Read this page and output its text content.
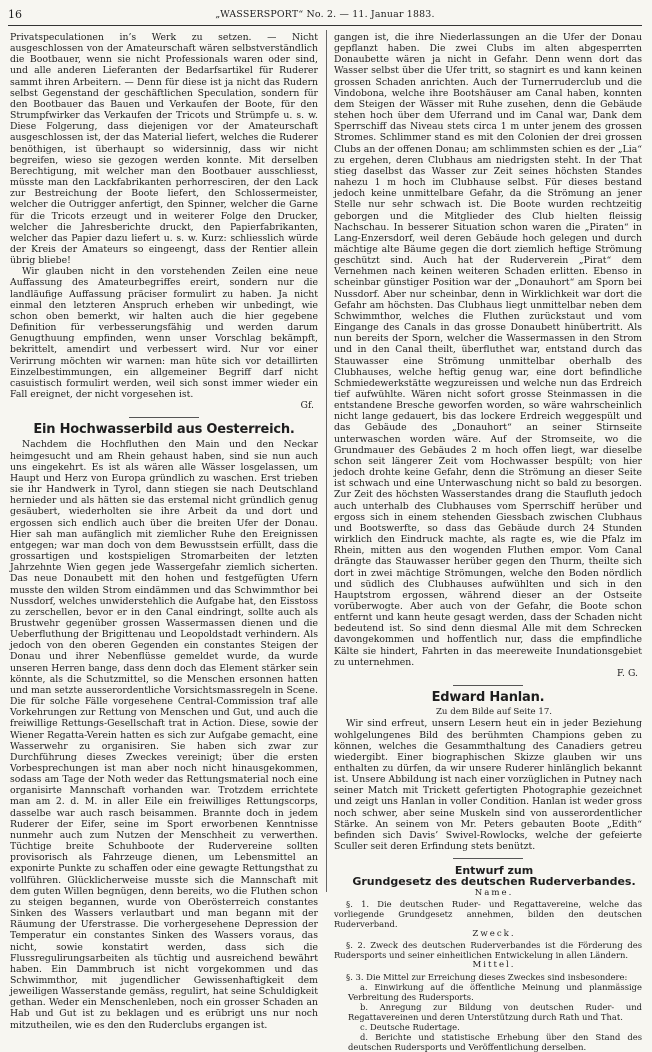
16	„WASSERSPORT“ No. 2. — 11. Januar 1883.

Privatspeculationen in’s Werk zu setzen. — Nicht ausgeschlossen von der Amateurschaft wären selbstverständlich die Bootbauer, wenn sie nicht Professionals waren oder sind, und alle anderen Lieferanten der Bedarfsartikel für Ruderer sammt ihren Arbeitern. — Denn für diese ist ja nicht das Rudern selbst Gegenstand der geschäftlichen Speculation, sondern für den Bootbauer das Bauen und Verkaufen der Boote, für den Strumpfwirker das Verkaufen der Tricots und Strümpfe u. s. w. Diese Folgerung, dass diejenigen vor der Amateurschaft ausgeschlossen ist, der das Material liefert, welches die Ruderer benöthigen, ist überhaupt so widersinnig, dass wir nicht begreifen, wieso sie gezogen werden konnte. Mit derselben Berechtigung, mit welcher man den Bootbauer ausschliesst, müsste man den Lackfabrikanten perhorresciren, der den Lack zur Bestreichung der Boote liefert, den Schlossermeister, welcher die Outrigger anfertigt, den Spinner, welcher die Garne für die Tricots erzeugt und in weiterer Folge den Drucker, welcher die Jahresberichte druckt, den Papierfabrikanten, welcher das Papier dazu liefert u. s. w. Kurz: schliesslich würde der Kreis der Amateurs so eingeengt, dass der Rentier allein übrig bliebe!

Wir glauben nicht in den vorstehenden Zeilen eine neue Auffassung des Amateurbegriffes ereirt, sondern nur die landläufige Auffassung präciser formulirt zu haben. Ja nicht einmal den letzteren Anspruch erheben wir unbedingt, wie schon oben bemerkt, wir halten auch die hier gegebene Definition für verbesserungsfähig und werden darum Genugthuung empfinden, wenn unser Vorschlag bekämpft, bekrittelt, amendirt und verbessert wird. Nur vor einer Verirrung möchten wir warnen: man hüte sich vor detaillirten Einzelbestimmungen, ein allgemeiner Begriff darf nicht casuistisch formulirt werden, weil sich sonst immer wieder ein Fall ereignet, der nicht vorgesehen ist.

Gf.

Ein Hochwasserbild aus Oesterreich.

Nachdem die Hochfluthen den Main und den Neckar heimgesucht und am Rhein gehaust haben, sind sie nun auch uns eingekehrt. Es ist als wären alle Wässer losgelassen, um Haupt und Herz von Europa gründlich zu waschen. Erst trieben sie ihr Handwerk in Tyrol, dann stiegen sie nach Deutschland hernieder und als hätten sie das erstemal nicht gründlich genug gesäubert, wiederholten sie ihre Arbeit da und dort und ergossen sich endlich auch über die breiten Ufer der Donau. Hier sah man aufänglich mit ziemlicher Ruhe den Ereignissen entgegen; war man doch von dem Bewusstsein erfüllt, dass die grossartigen und kostspieligen Stromarbeiten der letzten Jahrzehnte Wien gegen jede Wassergefahr ziemlich sicherten. Das neue Donaubett mit den hohen und festgefügten Ufern musste den wilden Strom eindämmen und das Schwimmthor bei Nussdorf, welches unwiderstehlich die Aufgabe hat, den Eisstoss zu zerschellen, bevor er in den Canal eindringt, sollte auch als Brustwehr gegenüber grossen Wassermassen dienen und die Ueberfluthung der Brigittenau und Leopoldstadt verhindern. Als jedoch von den oberen Gegenden ein constantes Steigen der Donau und ihrer Nebenflüsse gemeldet wurde, da wurde unseren Herren bange, dass denn doch das Element stärker sein könnte, als die Schutzmittel, so die Menschen ersonnen hatten und man setzte ausserordentliche Vorsichtsmassregeln in Scene. Die für solche Fälle vorgesehene Central-Commission traf alle Vorkehrungen zur Rettung von Menschen und Gut, und auch die freiwillige Rettungs-Gesellschaft trat in Action. Diese, sowie der Wiener Regatta-Verein hatten es sich zur Aufgabe gemacht, eine Wasserwehr zu organisiren. Sie haben sich zwar zur Durchführung dieses Zweckes vereinigt; über die ersten Vorbesprechungen ist man aber noch nicht hinausgekommen, sodass am Tage der Noth weder das Rettungsmaterial noch eine organisirte Mannschaft vorhanden war. Trotzdem errichtete man am 2. d. M. in aller Eile ein freiwilliges Rettungscorps, dasselbe war auch rasch beisammen. Brannte doch in jedem Ruderer der Eifer, seine im Sport erworbenen Kenntnisse nunmehr auch zum Nutzen der Menschheit zu verwerthen. Tüchtige breite Schuhboote der Rudervereine sollten provisorisch als Fahrzeuge dienen, um Lebensmittel an exponirte Punkte zu schaffen oder eine gewagte Rettungsthat zu vollführen. Glücklicherweise musste sich die Mannschaft mit dem guten Willen begnügen, denn bereits, wo die Fluthen schon zu steigen begannen, wurde von Oberösterreich constantes Sinken des Wassers verlautbart und man begann mit der Räumung der Uferstrasse. Die vorhergesehene Depression der Temperatur ein constantes Sinken des Wassers voraus, das nicht, sowie konstatirt werden, dass sich die Flussregulirungsarbeiten als tüchtig und ausreichend bewährt haben. Ein Dammbruch ist nicht vorgekommen und das Schwimmthor, mit jugendlicher Gewissenhaftigkeit dem jeweiligen Wasserstande gemäss, regulirt, hat seine Schuldigkeit gethan. Weder ein Menschenleben, noch ein grosser Schaden an Hab und Gut ist zu beklagen und es erübrigt uns nur noch mitzutheilen, wie es den den Ruderclubs ergangen ist.

gangen ist, die ihre Niederlassungen an die Ufer der Donau gepflanzt haben. Die zwei Clubs im alten abgesperrten Donaubette wären ja nicht in Gefahr. Denn wenn dort das Wasser selbst über die Ufer tritt, so stagnirt es und kann keinen grossen Schaden anrichten. Auch der Turnerruderclub und die Vindobona, welche ihre Bootshäuser am Canal haben, konnten dem Steigen der Wässer mit Ruhe zusehen, denn die Gebäude stehen hoch über dem Uferrand und im Canal war, Dank dem Sperrschiff das Niveau stets circa 1 m unter jenem des grossen Stromes. Schlimmer stand es mit den Colonien der drei grossen Clubs an der offenen Donau; am schlimmsten schien es der „Lia“ zu ergehen, deren Clubhaus am niedrigsten steht. In der That stieg daselbst das Wasser zur Zeit seines höchsten Standes nahezu 1 m hoch im Clubhause selbst. Für dieses bestand jedoch keine unmittelbare Gefahr, da die Strömung an jener Stelle nur sehr schwach ist. Die Boote wurden rechtzeitig geborgen und die Mitglieder des Club hielten fleissig Nachschau. In besserer Situation schon waren die „Piraten“ in Lang-Enzersdorf, weil deren Gebäude hoch gelegen und durch mächtige alte Bäume gegen die dort ziemlich heftige Strömung geschützt sind. Auch hat der Ruderverein „Pirat“ dem Vernehmen nach keinen weiteren Schaden erlitten. Ebenso in scheinbar günstiger Position war der „Donauhort“ am Sporn bei Nussdorf. Aber nur scheinbar, denn in Wirklichkeit war dort die Gefahr am höchsten. Das Clubhaus liegt unmittelbar neben dem Schwimmthor, welches die Fluthen zurückstaut und vom Eingange des Canals in das grosse Donaubett hinübertritt. Als nun bereits der Sporn, welcher die Wassermassen in den Strom und in den Canal theilt, überfluthet war, entstand durch das Stauwasser eine Strömung unmittelbar oberhalb des Clubhauses, welche heftig genug war, eine dort befindliche Schmiedewerkstätte wegzureissen und welche nun das Erdreich tief aufwühlte. Wären nicht sofort grosse Steinmassen in die entstandene Bresche geworfen worden, so wäre wahrscheinlich nicht lange gedauert, bis das lockere Erdreich weggespült und das Gebäude des „Donauhort“ an seiner Stirnseite unterwaschen worden wäre. Auf der Stromseite, wo die Grundmauer des Gebäudes 2 m hoch offen liegt, war dieselbe schon seit längerer Zeit vom Hochwasser bespült; von hier jedoch drohte keine Gefahr, denn die Strömung an dieser Seite ist schwach und eine Unterwaschung nicht so bald zu besorgen. Zur Zeit des höchsten Wasserstandes drang die Staufluth jedoch auch unterhalb des Clubhauses vom Sperrschiff herüber und ergoss sich in einem stehenden Giessbach zwischen Clubhaus und Bootswerfte, so dass das Gebäude durch 24 Stunden wirklich den Eindruck machte, als ragte es, wie die Pfalz im Rhein, mitten aus den wogenden Fluthen empor. Vom Canal drängte das Stauwasser herüber gegen den Thurm, theilte sich dort in zwei mächtige Strömungen, welche den Boden nördlich und südlich des Clubhauses aufwühlten und sich in den Hauptstrom ergossen, während dieser an der Ostseite vorüberwogte. Aber auch von der Gefahr, die Boote schon entfernt und kann heute gesagt werden, dass der Schaden nicht bedeutend ist. So sind denn diesmal Alle mit dem Schrecken davongekommen und hoffentlich nur, dass die empfindliche Kälte sie hindert, Fahrten in das meereweite Inundationsgebiet zu unternehmen.

F. G.

Edward Hanlan.

Zu dem Bilde auf Seite 17.

Wir sind erfreut, unsern Lesern heut ein in jeder Beziehung wohlgelungenes Bild des berühmten Champions geben zu können, welches die Gesammthaltung des Canadiers getreu wiedergibt. Einer biographischen Skizze glauben wir uns enthalten zu dürfen, da wir unsere Ruderer hinlänglich bekannt ist. Unsere Abbildung ist nach einer vorzüglichen in Putney nach seiner Match mit Trickett gefertigten Photographie gezeichnet und zeigt uns Hanlan in voller Condition. Hanlan ist weder gross noch schwer, aber seine Muskeln sind von ausserordentlicher Stärke. An seinem von Mr. Peters gebauten Boote „Edith“ befinden sich Davis’ Swivel-Rowlocks, welche der gefeierte Sculler seit deren Erfindung stets benützt.

Entwurf zum

Grundgesetz des deutschen Ruderverbandes.

Name.

§. 1. Die deutschen Ruder- und Regattavereine, welche das vorliegende Grundgesetz annehmen, bilden den deutschen Ruderverband.

Zweck.

§. 2. Zweck des deutschen Ruderverbandes ist die Förderung des Rudersports und seiner einheitlichen Entwickelung in allen Ländern.

Mittel.

§. 3. Die Mittel zur Erreichung dieses Zweckes sind insbesondere:

a. Einwirkung auf die öffentliche Meinung und planmässige Verbreitung des Rudersports.

b. Anregung zur Bildung von deutschen Ruder- und Regattavereinen und deren Unterstützung durch Rath und That.

c. Deutsche Rudertage.

d. Berichte und statistische Erhebung über den Stand des deutschen Rudersports und Veröffentlichung derselben.
